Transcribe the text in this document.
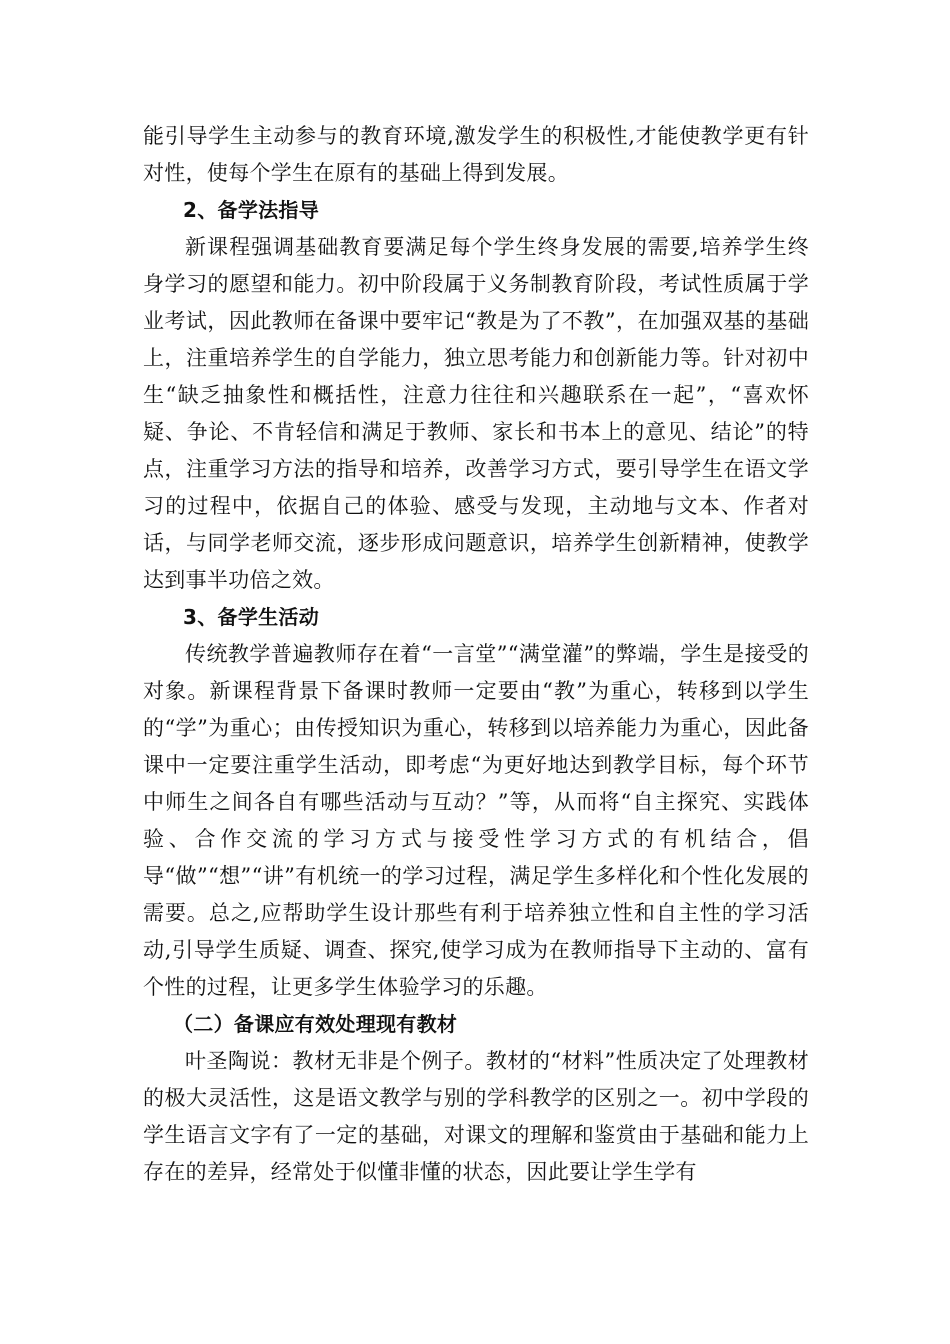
能引导学生主动参与的教育环境,激发学生的积极性,才能使教学更有针对性，使每个学生在原有的基础上得到发展。

2、备学法指导

新课程强调基础教育要满足每个学生终身发展的需要,培养学生终身学习的愿望和能力。初中阶段属于义务制教育阶段，考试性质属于学业考试，因此教师在备课中要牢记“教是为了不教”，在加强双基的基础上，注重培养学生的自学能力，独立思考能力和创新能力等。针对初中生“缺乏抽象性和概括性，注意力往往和兴趣联系在一起”，“喜欢怀疑、争论、不肯轻信和满足于教师、家长和书本上的意见、结论”的特点，注重学习方法的指导和培养，改善学习方式，要引导学生在语文学习的过程中，依据自己的体验、感受与发现，主动地与文本、作者对话，与同学老师交流，逐步形成问题意识，培养学生创新精神，使教学达到事半功倍之效。

3、备学生活动

传统教学普遍教师存在着“一言堂”“满堂灌”的弊端，学生是接受的对象。新课程背景下备课时教师一定要由“教”为重心，转移到以学生的“学”为重心；由传授知识为重心，转移到以培养能力为重心，因此备课中一定要注重学生活动，即考虑“为更好地达到教学目标，每个环节中师生之间各自有哪些活动与互动？”等，从而将“自主探究、实践体验、合作交流的学习方式与接受性学习方式的有机结合，倡导“做”“想”“讲”有机统一的学习过程，满足学生多样化和个性化发展的需要。总之,应帮助学生设计那些有利于培养独立性和自主性的学习活动,引导学生质疑、调查、探究,使学习成为在教师指导下主动的、富有个性的过程，让更多学生体验学习的乐趣。

（二）备课应有效处理现有教材

叶圣陶说：教材无非是个例子。教材的“材料”性质决定了处理教材的极大灵活性，这是语文教学与别的学科教学的区别之一。初中学段的学生语言文字有了一定的基础，对课文的理解和鉴赏由于基础和能力上存在的差异，经常处于似懂非懂的状态，因此要让学生学有
